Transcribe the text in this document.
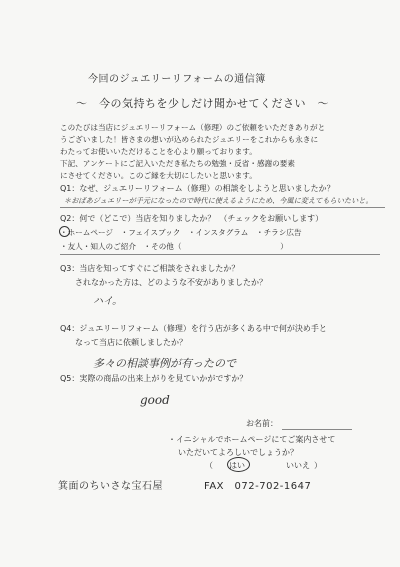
今回のジュエリーリフォームの通信簿
～　今の気持ちを少しだけ聞かせてください　～
このたびは当店にジュエリーリフォーム（修理）のご依頼をいただきありがと
うございました！皆さまの想いが込められたジュエリーをこれからも永きに
わたってお使いいただけることを心より願っております。
下記、アンケートにご記入いただき私たちの勉強・反省・感謝の要素
にさせてください。このご縁を大切にしたいと思います。
Q1：なぜ、ジュエリーリフォーム（修理）の相談をしようと思いましたか？
＊おばあジュエリーが手元になったので時代に使えるようにため、今風に変えてもらいたいと。
Q2：何で（どこで）当店を知りましたか？　（チェックをお願いします）
・ホームページ　・フェイスブック　・インスタグラム　・チラシ広告
・友人・知人のご紹介　・その他（　　　　　　　　　　　　　）
Q3：当店を知ってすぐにご相談をされましたか？
されなかった方は、どのような不安がありましたか？
ハイ。
Q4：ジュエリーリフォーム（修理）を行う店が多くある中で何が決め手と
なって当店に依頼しましたか？
多々の相談事例が有ったので
Q5：実際の商品の出来上がりを見ていかがですか？
good
お名前：
・イニシャルでホームページにてご案内させて
いただいてよろしいでしょうか？
（ はい	いいえ ）
箕面のちいさな宝石屋	FAX　072-702-1647
